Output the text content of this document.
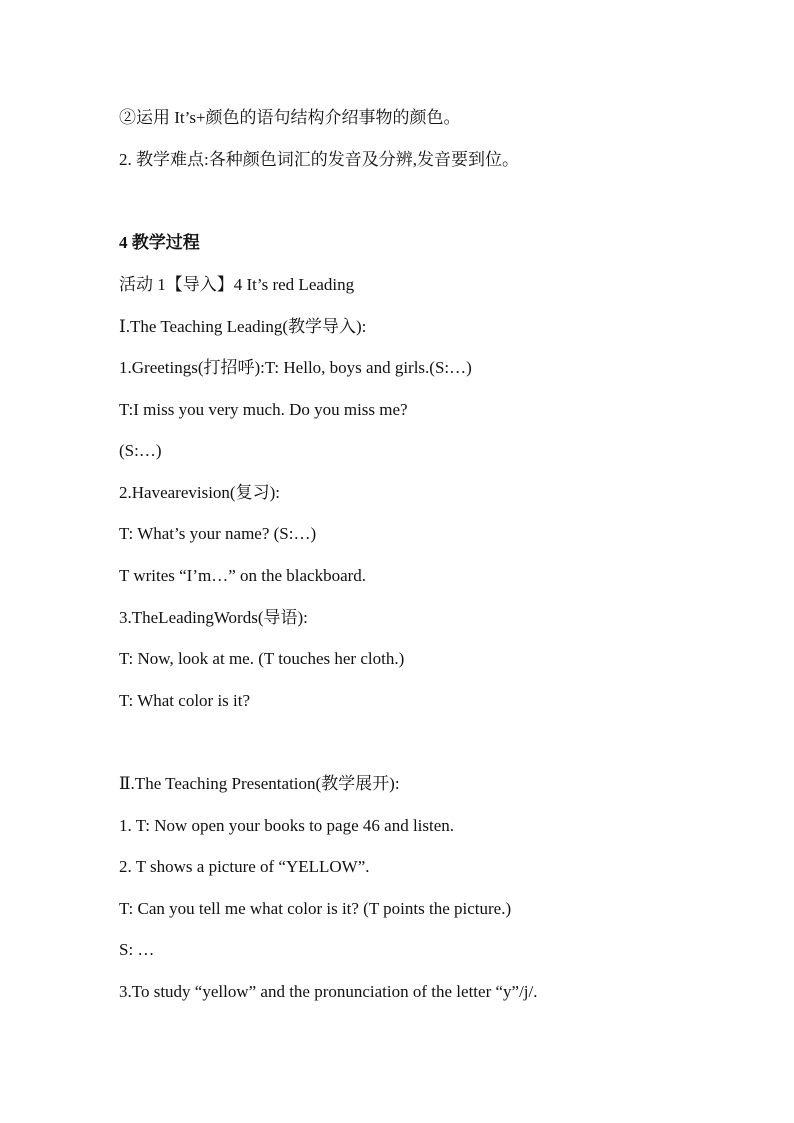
②运用 It’s+颜色的语句结构介绍事物的颜色。
2. 教学难点:各种颜色词汇的发音及分辨,发音要到位。
4 教学过程
活动 1【导入】4 It’s red Leading
Ⅰ.The Teaching Leading(教学导入):
1.Greetings(打招呼):T: Hello, boys and girls.(S:…)
T:I miss you very much. Do you miss me?
(S:…)
2.Havearevision(复习):
T: What’s your name? (S:…)
T writes “I’m…” on the blackboard.
3.TheLeadingWords(导语):
T: Now, look at me. (T touches her cloth.)
T: What color is it?
Ⅱ.The Teaching Presentation(教学展开):
1. T: Now open your books to page 46 and listen.
2. T shows a picture of “YELLOW”.
T: Can you tell me what color is it? (T points the picture.)
S: …
3.To study “yellow” and the pronunciation of the letter “y”/j/.
